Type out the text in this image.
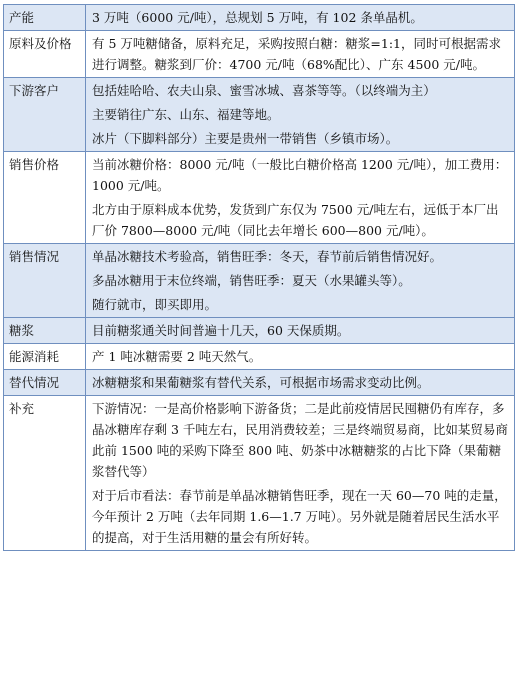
产能	3 万吨（6000 元/吨），总规划 5 万吨，有 102 条单晶机。

原料及价格	有 5 万吨糖储备，原料充足，采购按照白糖：糖浆=1:1，同时可根据需求进行调整。糖浆到厂价：4700 元/吨（68%配比）、广东 4500 元/吨。

下游客户	包括娃哈哈、农夫山泉、蜜雪冰城、喜茶等等。（以终端为主）
主要销往广东、山东、福建等地。
冰片（下脚料部分）主要是贵州一带销售（乡镇市场）。

销售价格	当前冰糖价格：8000 元/吨（一般比白糖价格高 1200 元/吨），加工费用：1000 元/吨。
北方由于原料成本优势，发货到广东仅为 7500 元/吨左右，远低于本厂出厂价 7800—8000 元/吨（同比去年增长 600—800 元/吨）。

销售情况	单晶冰糖技术考验高，销售旺季：冬天，春节前后销售情况好。
多晶冰糖用于末位终端，销售旺季：夏天（水果罐头等）。
随行就市，即买即用。

糖浆	目前糖浆通关时间普遍十几天，60 天保质期。

能源消耗	产 1 吨冰糖需要 2 吨天然气。

替代情况	冰糖糖浆和果葡糖浆有替代关系，可根据市场需求变动比例。

补充	下游情况：一是高价格影响下游备货；二是此前疫情居民囤糖仍有库存，多晶冰糖库存剩 3 千吨左右，民用消费较差；三是终端贸易商，比如某贸易商此前 1500 吨的采购下降至 800 吨、奶茶中冰糖糖浆的占比下降（果葡糖浆替代等）
对于后市看法：春节前是单晶冰糖销售旺季，现在一天 60—70 吨的走量，今年预计 2 万吨（去年同期 1.6—1.7 万吨）。另外就是随着居民生活水平的提高，对于生活用糖的量会有所好转。
